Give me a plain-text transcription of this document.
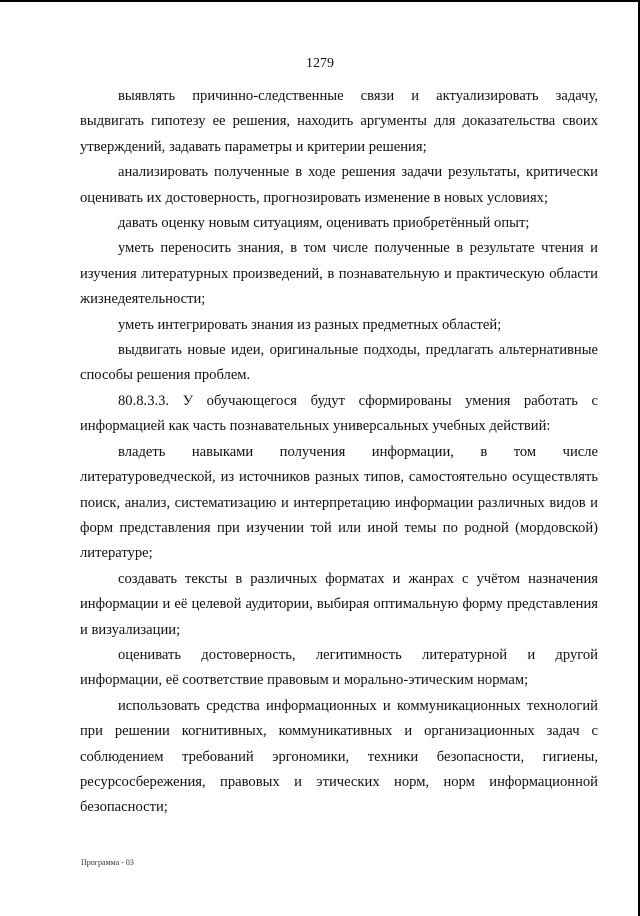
1279

выявлять причинно-следственные связи и актуализировать задачу, выдвигать гипотезу ее решения, находить аргументы для доказательства своих утверждений, задавать параметры и критерии решения;

анализировать полученные в ходе решения задачи результаты, критически оценивать их достоверность, прогнозировать изменение в новых условиях;

давать оценку новым ситуациям, оценивать приобретённый опыт;

уметь переносить знания, в том числе полученные в результате чтения и изучения литературных произведений, в познавательную и практическую области жизнедеятельности;

уметь интегрировать знания из разных предметных областей;

выдвигать новые идеи, оригинальные подходы, предлагать альтернативные способы решения проблем.

80.8.3.3. У обучающегося будут сформированы умения работать с информацией как часть познавательных универсальных учебных действий:

владеть навыками получения информации, в том числе литературоведческой, из источников разных типов, самостоятельно осуществлять поиск, анализ, систематизацию и интерпретацию информации различных видов и форм представления при изучении той или иной темы по родной (мордовской) литературе;

создавать тексты в различных форматах и жанрах с учётом назначения информации и её целевой аудитории, выбирая оптимальную форму представления и визуализации;

оценивать достоверность, легитимность литературной и другой информации, её соответствие правовым и морально-этическим нормам;

использовать средства информационных и коммуникационных технологий при решении когнитивных, коммуникативных и организационных задач с соблюдением требований эргономики, техники безопасности, гигиены, ресурсосбережения, правовых и этических норм, норм информационной безопасности;

Программа - 03
